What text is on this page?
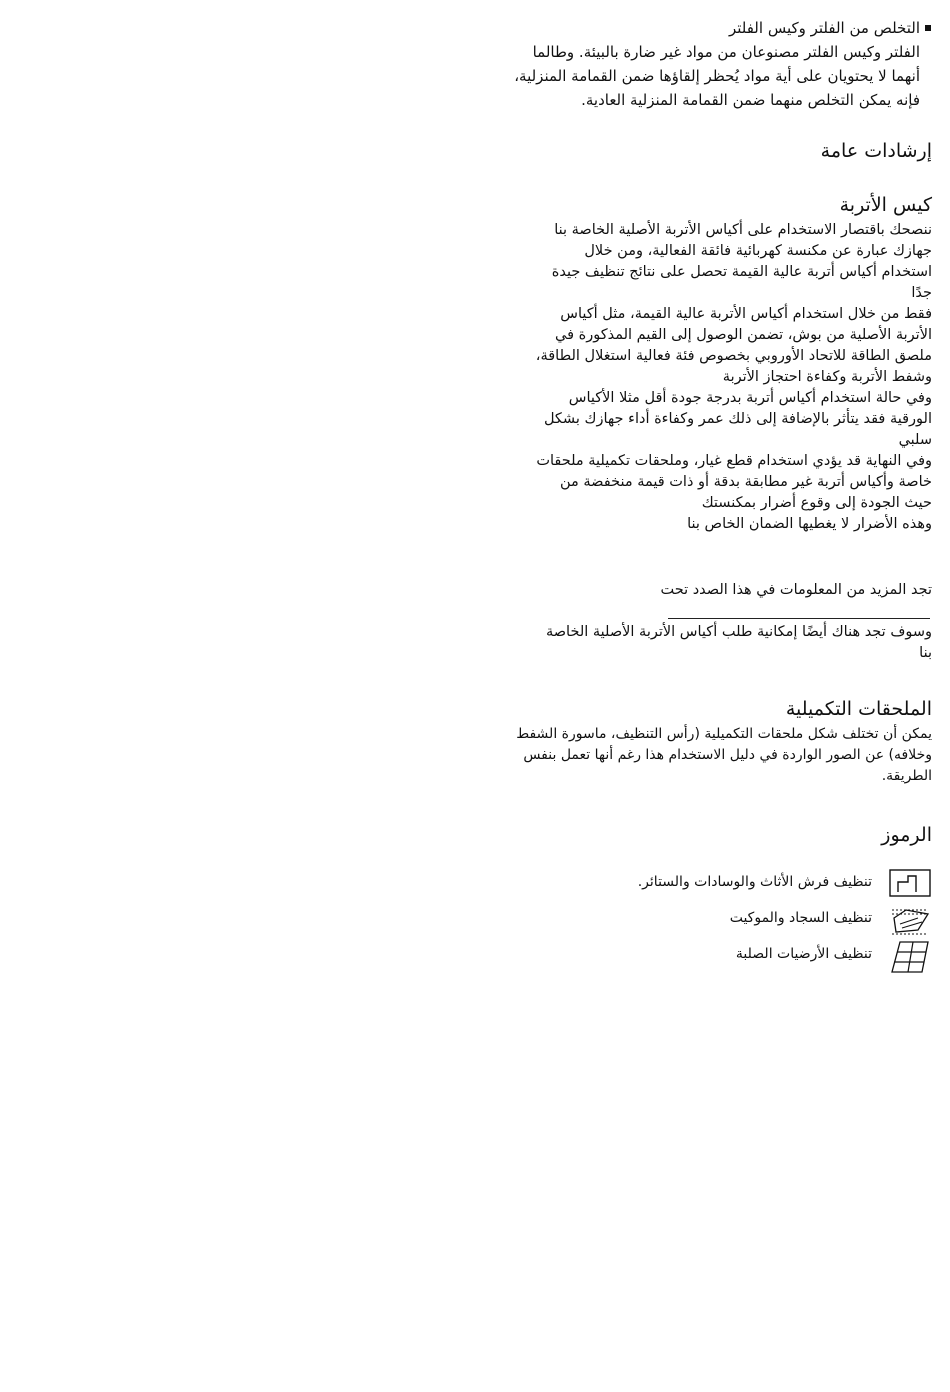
التخلص من الفلتر وكيس الفلتر
الفلتر وكيس الفلتر مصنوعان من مواد غير ضارة بالبيئة. وطالما أنهما لا يحتويان على أية مواد يُحظر إلقاؤها ضمن القمامة المنزلية، فإنه يمكن التخلص منهما ضمن القمامة المنزلية العادية.
إرشادات عامة
كيس الأتربة

ننصحك باقتصار الاستخدام على أكياس الأتربة الأصلية الخاصة بنا

جهازك عبارة عن مكنسة كهربائية فائقة الفعالية، ومن خلال استخدام أكياس أتربة عالية القيمة تحصل على نتائج تنظيف جيدة جدًا

فقط من خلال استخدام أكياس الأتربة عالية القيمة، مثل أكياس الأتربة الأصلية من بوش، تضمن الوصول إلى القيم المذكورة في ملصق الطاقة للاتحاد الأوروبي بخصوص فئة فعالية استغلال الطاقة، وشفط الأتربة وكفاءة احتجاز الأتربة

وفي حالة استخدام أكياس أتربة بدرجة جودة أقل مثلا الأكياس الورقية فقد يتأثر بالإضافة إلى ذلك عمر وكفاءة أداء جهازك بشكل سلبي

وفي النهاية قد يؤدي استخدام قطع غيار، وملحقات تكميلية ملحقات خاصة وأكياس أتربة غير مطابقة بدقة أو ذات قيمة منخفضة من حيث الجودة إلى وقوع أضرار بمكنستك

وهذه الأضرار لا يغطيها الضمان الخاص بنا

تجد المزيد من المعلومات في هذا الصدد تحت
وسوف تجد هناك أيضًا إمكانية طلب أكياس الأتربة الأصلية الخاصة بنا
الملحقات التكميلية
يمكن أن تختلف شكل ملحقات التكميلية (رأس التنظيف، ماسورة الشفط وخلافه) عن الصور الواردة في دليل الاستخدام هذا رغم أنها تعمل بنفس الطريقة.
الرموز
تنظيف فرش الأثاث والوسادات والستائر.
تنظيف السجاد والموكيت
تنظيف الأرضيات الصلبة
